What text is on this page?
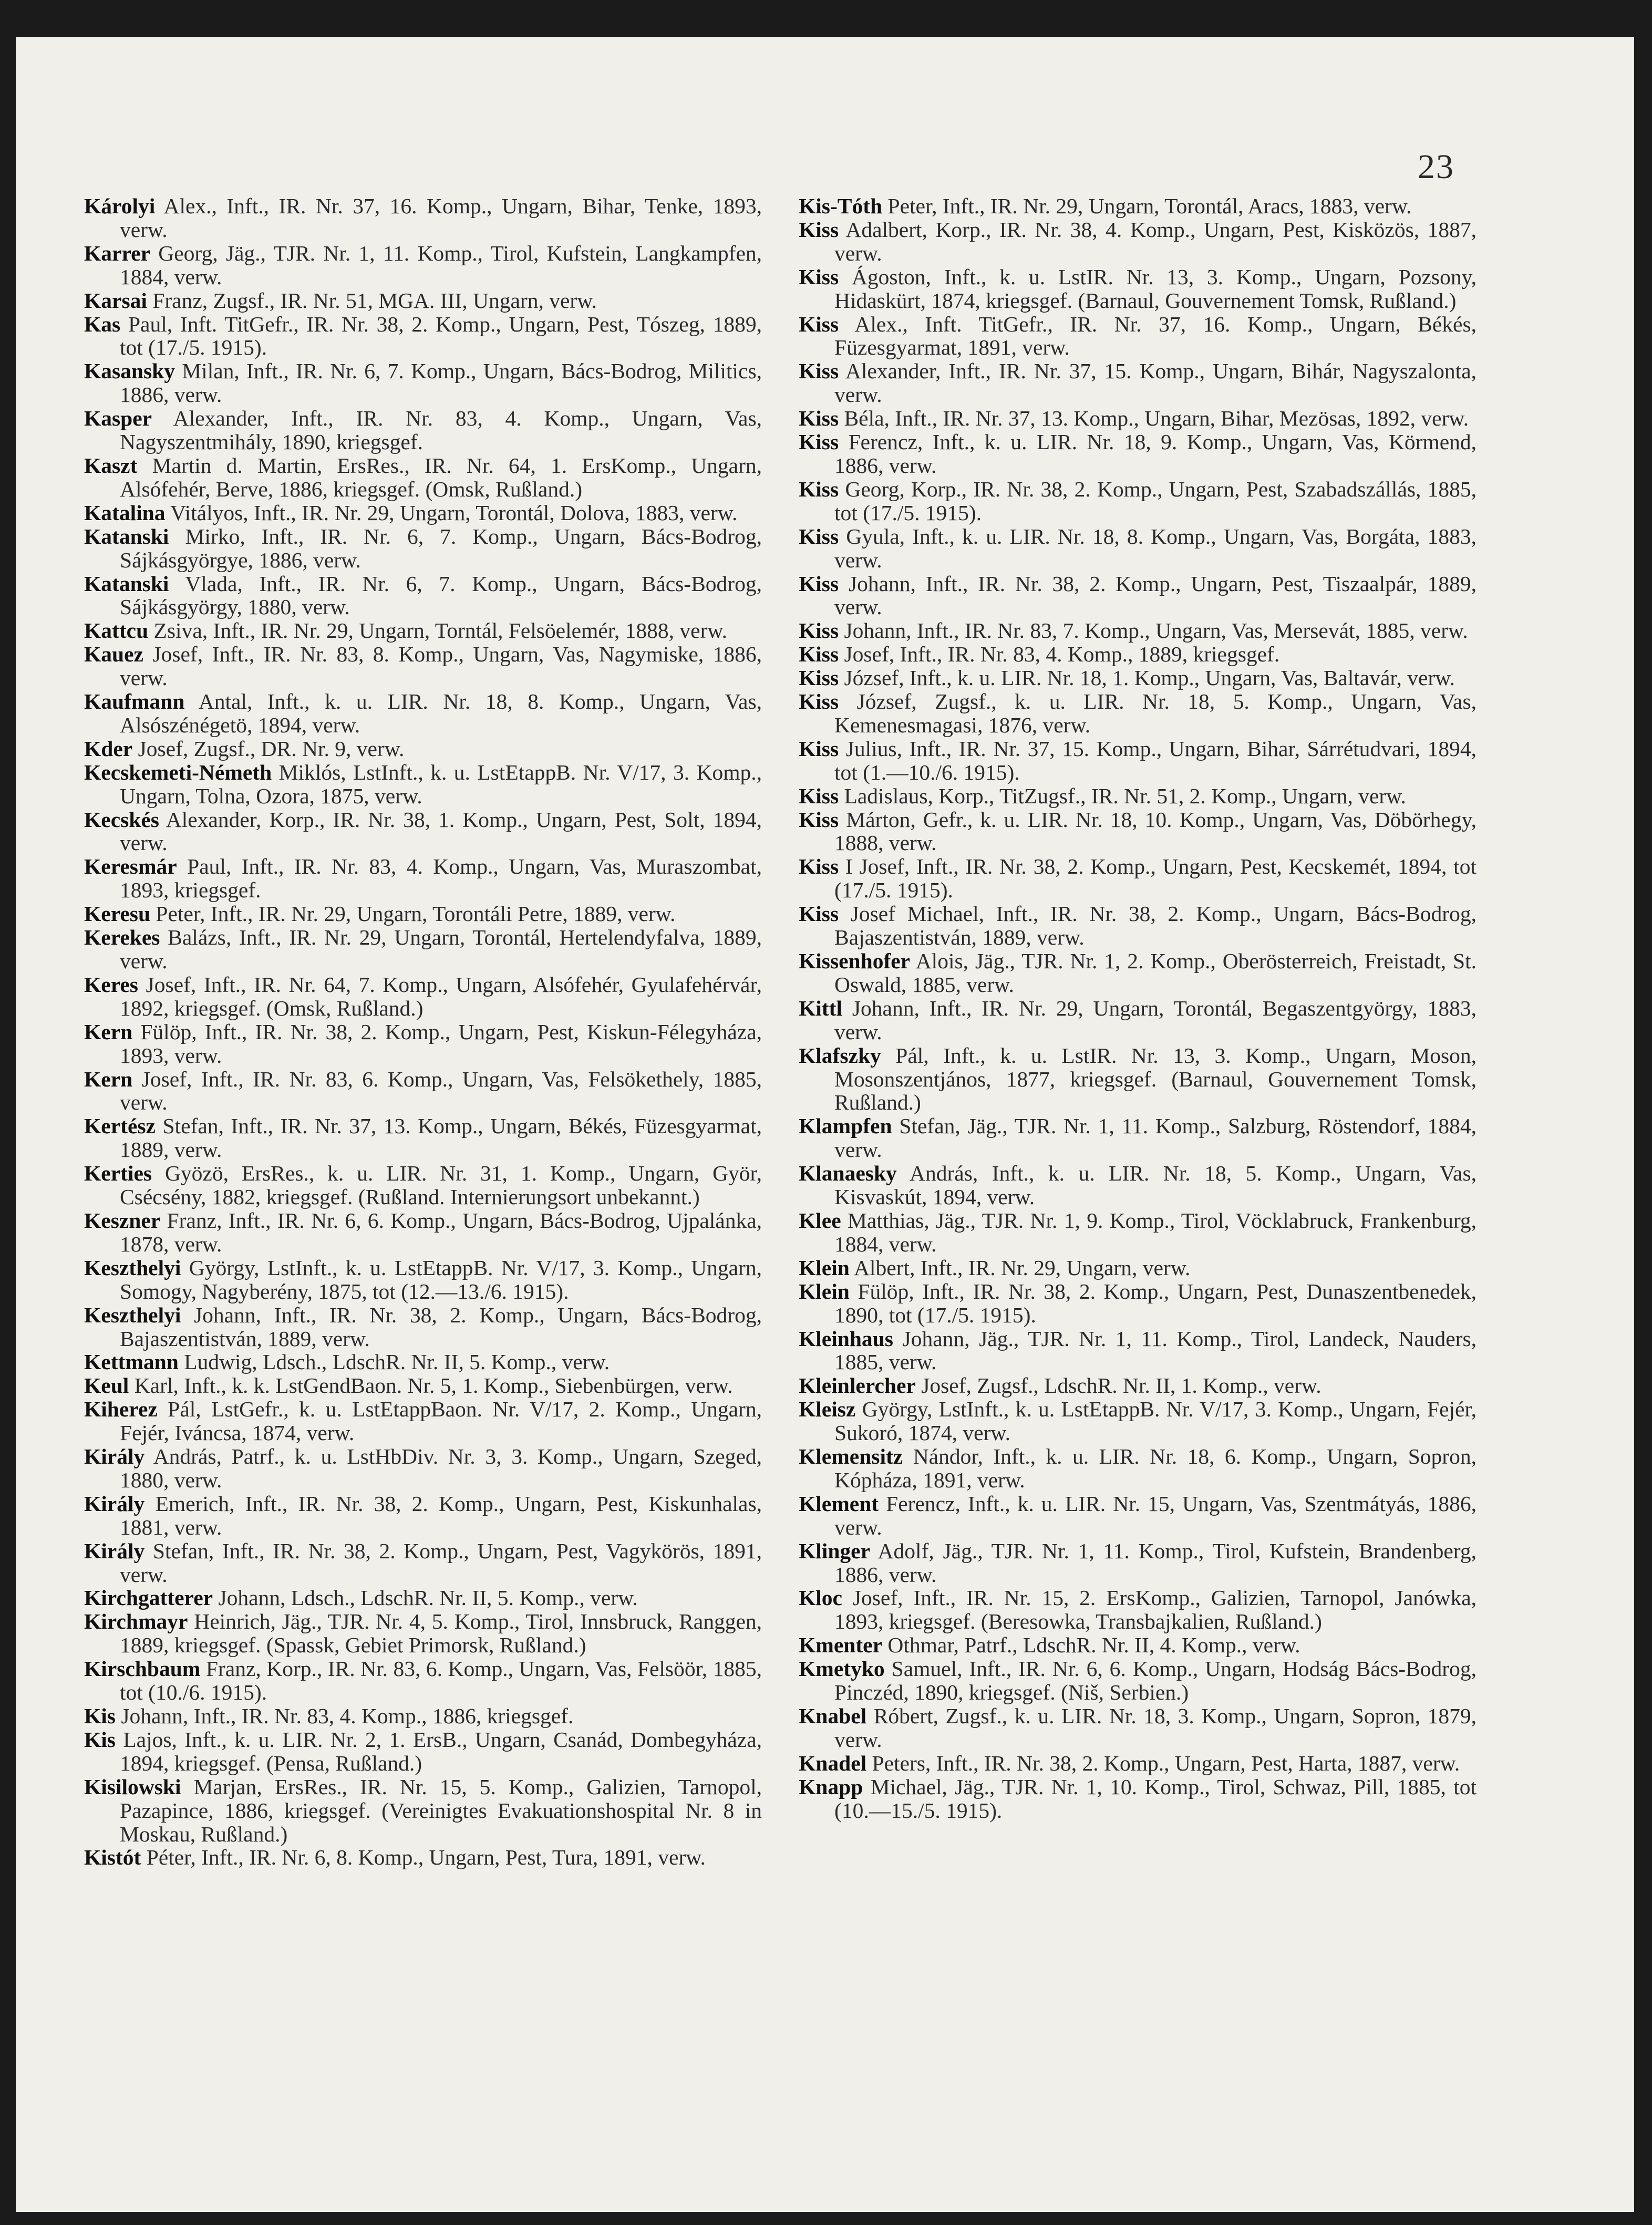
23
Károlyi Alex., Inft., IR. Nr. 37, 16. Komp., Ungarn, Bihar, Tenke, 1893, verw.
Karrer Georg, Jäg., TJR. Nr. 1, 11. Komp., Tirol, Kufstein, Langkampfen, 1884, verw.
Karsai Franz, Zugsf., IR. Nr. 51, MGA. III, Ungarn, verw.
Kas Paul, Inft. TitGefr., IR. Nr. 38, 2. Komp., Ungarn, Pest, Tószeg, 1889, tot (17./5. 1915).
Kasansky Milan, Inft., IR. Nr. 6, 7. Komp., Ungarn, Bács-Bodrog, Militics, 1886, verw.
Kasper Alexander, Inft., IR. Nr. 83, 4. Komp., Ungarn, Vas, Nagyszentmihály, 1890, kriegsgef.
Kaszt Martin d. Martin, ErsRes., IR. Nr. 64, 1. ErsKomp., Ungarn, Alsófehér, Berve, 1886, kriegsgef. (Omsk, Rußland.)
Katalina Vitályos, Inft., IR. Nr. 29, Ungarn, Torontál, Dolova, 1883, verw.
Katanski Mirko, Inft., IR. Nr. 6, 7. Komp., Ungarn, Bács-Bodrog, Sájkásgyörgye, 1886, verw.
Katanski Vlada, Inft., IR. Nr. 6, 7. Komp., Ungarn, Bács-Bodrog, Sájkásgyörgy, 1880, verw.
Kattcu Zsiva, Inft., IR. Nr. 29, Ungarn, Torntál, Felsöelemér, 1888, verw.
Kauez Josef, Inft., IR. Nr. 83, 8. Komp., Ungarn, Vas, Nagymiske, 1886, verw.
Kaufmann Antal, Inft., k. u. LIR. Nr. 18, 8. Komp., Ungarn, Vas, Alsószénégetö, 1894, verw.
Kder Josef, Zugsf., DR. Nr. 9, verw.
Kecskemeti-Németh Miklós, LstInft., k. u. LstEtappB. Nr. V/17, 3. Komp., Ungarn, Tolna, Ozora, 1875, verw.
Kecskés Alexander, Korp., IR. Nr. 38, 1. Komp., Ungarn, Pest, Solt, 1894, verw.
Keresmár Paul, Inft., IR. Nr. 83, 4. Komp., Ungarn, Vas, Muraszombat, 1893, kriegsgef.
Keresu Peter, Inft., IR. Nr. 29, Ungarn, Torontáli Petre, 1889, verw.
Kerekes Balázs, Inft., IR. Nr. 29, Ungarn, Torontál, Hertelendyfalva, 1889, verw.
Keres Josef, Inft., IR. Nr. 64, 7. Komp., Ungarn, Alsófehér, Gyulafehérvár, 1892, kriegsgef. (Omsk, Rußland.)
Kern Fülöp, Inft., IR. Nr. 38, 2. Komp., Ungarn, Pest, Kiskun-Félegyháza, 1893, verw.
Kern Josef, Inft., IR. Nr. 83, 6. Komp., Ungarn, Vas, Felsökethely, 1885, verw.
Kertész Stefan, Inft., IR. Nr. 37, 13. Komp., Ungarn, Békés, Füzesgyarmat, 1889, verw.
Kerties Gyözö, ErsRes., k. u. LIR. Nr. 31, 1. Komp., Ungarn, Györ, Csécsény, 1882, kriegsgef. (Rußland. Internierungsort unbekannt.)
Keszner Franz, Inft., IR. Nr. 6, 6. Komp., Ungarn, Bács-Bodrog, Ujpalánka, 1878, verw.
Keszthelyi György, LstInft., k. u. LstEtappB. Nr. V/17, 3. Komp., Ungarn, Somogy, Nagyberény, 1875, tot (12.—13./6. 1915).
Keszthelyi Johann, Inft., IR. Nr. 38, 2. Komp., Ungarn, Bács-Bodrog, Bajaszentistván, 1889, verw.
Kettmann Ludwig, Ldsch., LdschR. Nr. II, 5. Komp., verw.
Keul Karl, Inft., k. k. LstGendBaon. Nr. 5, 1. Komp., Siebenbürgen, verw.
Kiherez Pál, LstGefr., k. u. LstEtappBaon. Nr. V/17, 2. Komp., Ungarn, Fejér, Iváncsa, 1874, verw.
Király András, Patrf., k. u. LstHbDiv. Nr. 3, 3. Komp., Ungarn, Szeged, 1880, verw.
Király Emerich, Inft., IR. Nr. 38, 2. Komp., Ungarn, Pest, Kiskunhalas, 1881, verw.
Király Stefan, Inft., IR. Nr. 38, 2. Komp., Ungarn, Pest, Vagykörös, 1891, verw.
Kirchgatterer Johann, Ldsch., LdschR. Nr. II, 5. Komp., verw.
Kirchmayr Heinrich, Jäg., TJR. Nr. 4, 5. Komp., Tirol, Innsbruck, Ranggen, 1889, kriegsgef. (Spassk, Gebiet Primorsk, Rußland.)
Kirschbaum Franz, Korp., IR. Nr. 83, 6. Komp., Ungarn, Vas, Felsöör, 1885, tot (10./6. 1915).
Kis Johann, Inft., IR. Nr. 83, 4. Komp., 1886, kriegsgef.
Kis Lajos, Inft., k. u. LIR. Nr. 2, 1. ErsB., Ungarn, Csanád, Dombegyháza, 1894, kriegsgef. (Pensa, Rußland.)
Kisilowski Marjan, ErsRes., IR. Nr. 15, 5. Komp., Galizien, Tarnopol, Pazapince, 1886, kriegsgef. (Vereinigtes Evakuationshospital Nr. 8 in Moskau, Rußland.)
Kistót Péter, Inft., IR. Nr. 6, 8. Komp., Ungarn, Pest, Tura, 1891, verw.
Kis-Tóth Peter, Inft., IR. Nr. 29, Ungarn, Torontál, Aracs, 1883, verw.
Kiss Adalbert, Korp., IR. Nr. 38, 4. Komp., Ungarn, Pest, Kisközös, 1887, verw.
Kiss Ágoston, Inft., k. u. LstIR. Nr. 13, 3. Komp., Ungarn, Pozsony, Hidaskürt, 1874, kriegsgef. (Barnaul, Gouvernement Tomsk, Rußland.)
Kiss Alex., Inft. TitGefr., IR. Nr. 37, 16. Komp., Ungarn, Békés, Füzesgyarmat, 1891, verw.
Kiss Alexander, Inft., IR. Nr. 37, 15. Komp., Ungarn, Bihár, Nagyszalonta, verw.
Kiss Béla, Inft., IR. Nr. 37, 13. Komp., Ungarn, Bihar, Mezösas, 1892, verw.
Kiss Ferencz, Inft., k. u. LIR. Nr. 18, 9. Komp., Ungarn, Vas, Körmend, 1886, verw.
Kiss Georg, Korp., IR. Nr. 38, 2. Komp., Ungarn, Pest, Szabadszállás, 1885, tot (17./5. 1915).
Kiss Gyula, Inft., k. u. LIR. Nr. 18, 8. Komp., Ungarn, Vas, Borgáta, 1883, verw.
Kiss Johann, Inft., IR. Nr. 38, 2. Komp., Ungarn, Pest, Tiszaalpár, 1889, verw.
Kiss Johann, Inft., IR. Nr. 83, 7. Komp., Ungarn, Vas, Mersevát, 1885, verw.
Kiss Josef, Inft., IR. Nr. 83, 4. Komp., 1889, kriegsgef.
Kiss József, Inft., k. u. LIR. Nr. 18, 1. Komp., Ungarn, Vas, Baltavár, verw.
Kiss József, Zugsf., k. u. LIR. Nr. 18, 5. Komp., Ungarn, Vas, Kemenesmagasi, 1876, verw.
Kiss Julius, Inft., IR. Nr. 37, 15. Komp., Ungarn, Bihar, Sárrétudvari, 1894, tot (1.—10./6. 1915).
Kiss Ladislaus, Korp., TitZugsf., IR. Nr. 51, 2. Komp., Ungarn, verw.
Kiss Márton, Gefr., k. u. LIR. Nr. 18, 10. Komp., Ungarn, Vas, Döbörhegy, 1888, verw.
Kiss I Josef, Inft., IR. Nr. 38, 2. Komp., Ungarn, Pest, Kecskemét, 1894, tot (17./5. 1915).
Kiss Josef Michael, Inft., IR. Nr. 38, 2. Komp., Ungarn, Bács-Bodrog, Bajaszentistván, 1889, verw.
Kissenhofer Alois, Jäg., TJR. Nr. 1, 2. Komp., Oberösterreich, Freistadt, St. Oswald, 1885, verw.
Kittl Johann, Inft., IR. Nr. 29, Ungarn, Torontál, Begaszentgyörgy, 1883, verw.
Klafszky Pál, Inft., k. u. LstIR. Nr. 13, 3. Komp., Ungarn, Moson, Mosonszentjános, 1877, kriegsgef. (Barnaul, Gouvernement Tomsk, Rußland.)
Klampfen Stefan, Jäg., TJR. Nr. 1, 11. Komp., Salzburg, Röstendorf, 1884, verw.
Klanaesky András, Inft., k. u. LIR. Nr. 18, 5. Komp., Ungarn, Vas, Kisvaskút, 1894, verw.
Klee Matthias, Jäg., TJR. Nr. 1, 9. Komp., Tirol, Vöcklabruck, Frankenburg, 1884, verw.
Klein Albert, Inft., IR. Nr. 29, Ungarn, verw.
Klein Fülöp, Inft., IR. Nr. 38, 2. Komp., Ungarn, Pest, Dunaszentbenedek, 1890, tot (17./5. 1915).
Kleinhaus Johann, Jäg., TJR. Nr. 1, 11. Komp., Tirol, Landeck, Nauders, 1885, verw.
Kleinlercher Josef, Zugsf., LdschR. Nr. II, 1. Komp., verw.
Kleisz György, LstInft., k. u. LstEtappB. Nr. V/17, 3. Komp., Ungarn, Fejér, Sukoró, 1874, verw.
Klemensitz Nándor, Inft., k. u. LIR. Nr. 18, 6. Komp., Ungarn, Sopron, Kópháza, 1891, verw.
Klement Ferencz, Inft., k. u. LIR. Nr. 15, Ungarn, Vas, Szentmátyás, 1886, verw.
Klinger Adolf, Jäg., TJR. Nr. 1, 11. Komp., Tirol, Kufstein, Brandenberg, 1886, verw.
Kloc Josef, Inft., IR. Nr. 15, 2. ErsKomp., Galizien, Tarnopol, Janówka, 1893, kriegsgef. (Beresowka, Transbajkalien, Rußland.)
Kmenter Othmar, Patrf., LdschR. Nr. II, 4. Komp., verw.
Kmetyko Samuel, Inft., IR. Nr. 6, 6. Komp., Ungarn, Hodság Bács-Bodrog, Pinczéd, 1890, kriegsgef. (Niš, Serbien.)
Knabel Róbert, Zugsf., k. u. LIR. Nr. 18, 3. Komp., Ungarn, Sopron, 1879, verw.
Knadel Peters, Inft., IR. Nr. 38, 2. Komp., Ungarn, Pest, Harta, 1887, verw.
Knapp Michael, Jäg., TJR. Nr. 1, 10. Komp., Tirol, Schwaz, Pill, 1885, tot (10.—15./5. 1915).
